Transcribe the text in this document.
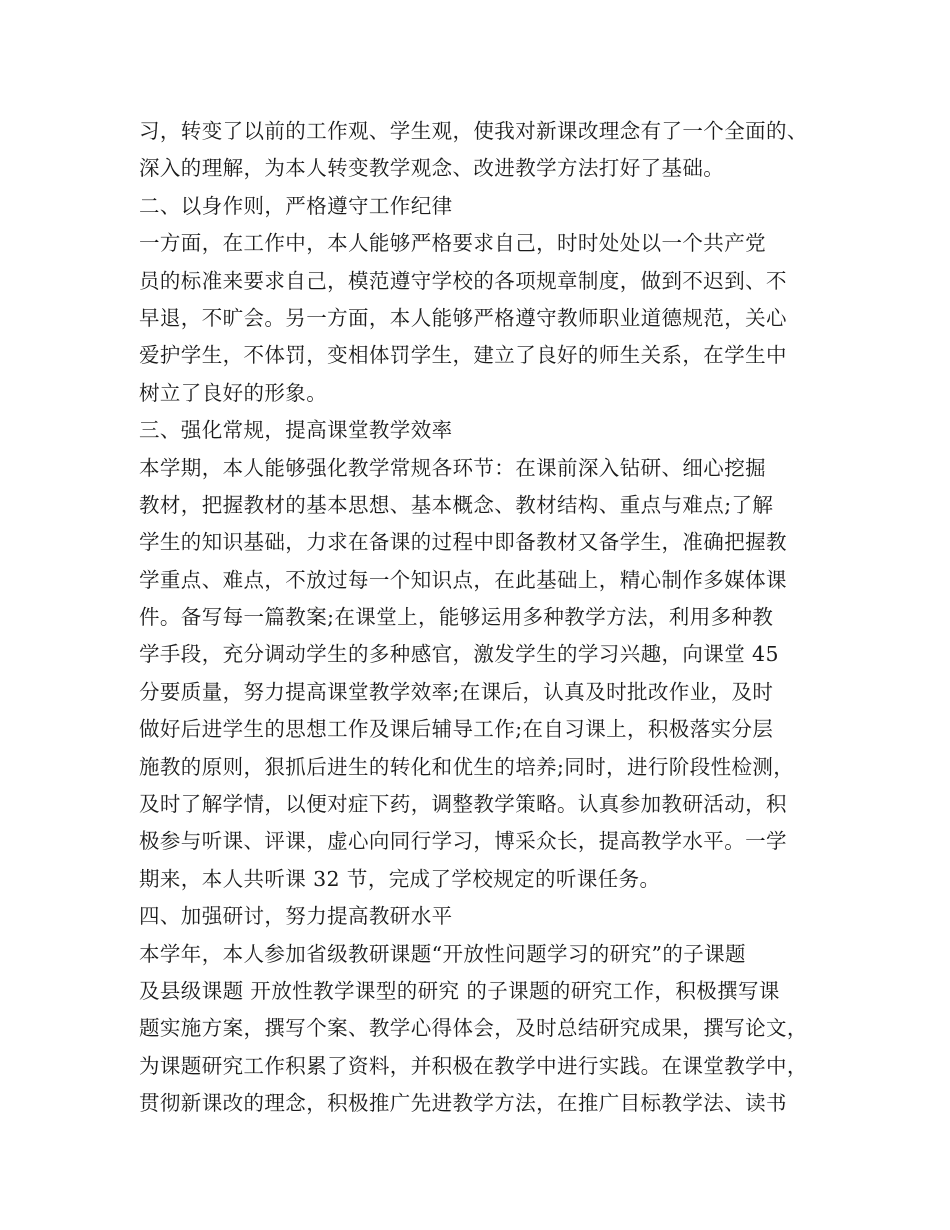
习，转变了以前的工作观、学生观，使我对新课改理念有了一个全面的、
深入的理解，为本人转变教学观念、改进教学方法打好了基础。
二、以身作则，严格遵守工作纪律
一方面，在工作中，本人能够严格要求自己，时时处处以一个共产党
员的标准来要求自己，模范遵守学校的各项规章制度，做到不迟到、不
早退，不旷会。另一方面，本人能够严格遵守教师职业道德规范，关心
爱护学生，不体罚，变相体罚学生，建立了良好的师生关系，在学生中
树立了良好的形象。
三、强化常规，提高课堂教学效率
本学期，本人能够强化教学常规各环节：在课前深入钻研、细心挖掘
教材，把握教材的基本思想、基本概念、教材结构、重点与难点;了解
学生的知识基础，力求在备课的过程中即备教材又备学生，准确把握教
学重点、难点，不放过每一个知识点，在此基础上，精心制作多媒体课
件。备写每一篇教案;在课堂上，能够运用多种教学方法，利用多种教
学手段，充分调动学生的多种感官，激发学生的学习兴趣，向课堂 45
分要质量，努力提高课堂教学效率;在课后，认真及时批改作业，及时
做好后进学生的思想工作及课后辅导工作;在自习课上，积极落实分层
施教的原则，狠抓后进生的转化和优生的培养;同时，进行阶段性检测，
及时了解学情，以便对症下药，调整教学策略。认真参加教研活动，积
极参与听课、评课，虚心向同行学习，博采众长，提高教学水平。一学
期来，本人共听课 32 节，完成了学校规定的听课任务。
四、加强研讨，努力提高教研水平
本学年，本人参加省级教研课题“开放性问题学习的研究”的子课题
及县级课题 开放性教学课型的研究 的子课题的研究工作，积极撰写课
题实施方案，撰写个案、教学心得体会，及时总结研究成果，撰写论文，
为课题研究工作积累了资料，并积极在教学中进行实践。在课堂教学中，
贯彻新课改的理念，积极推广先进教学方法，在推广目标教学法、读书
